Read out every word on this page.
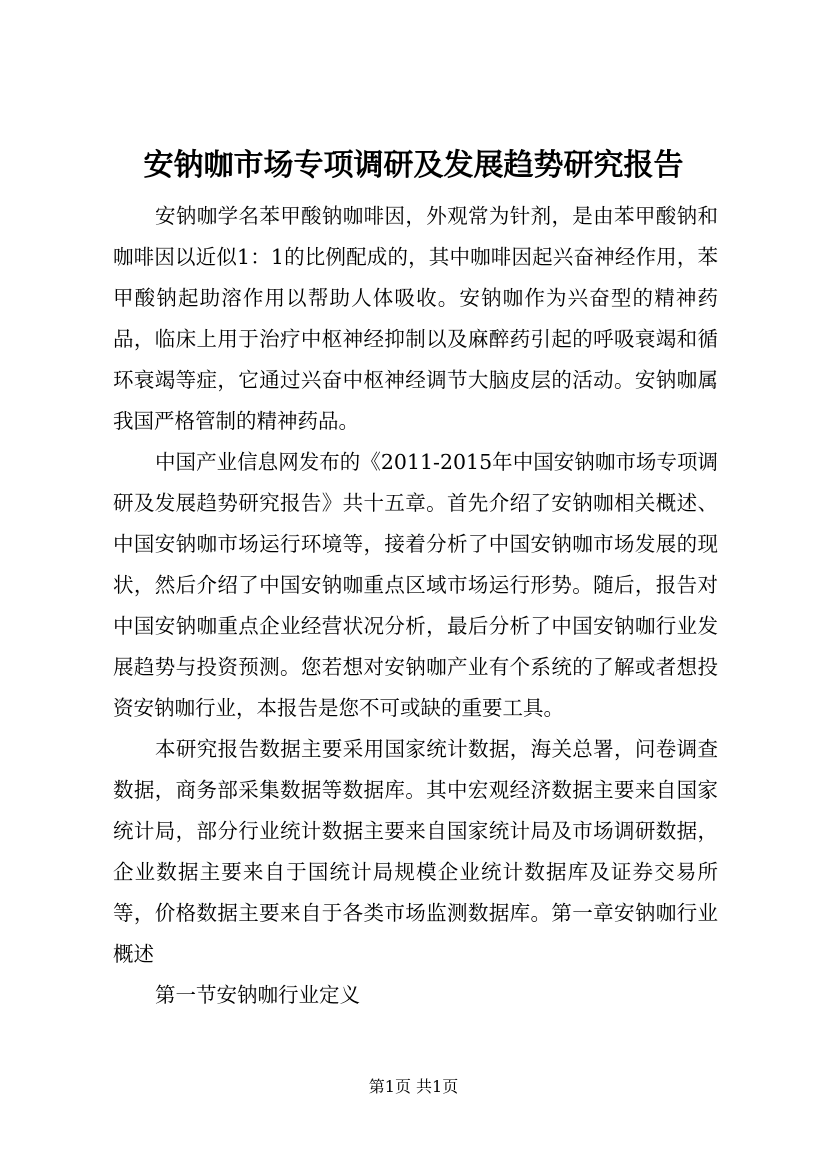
安钠咖市场专项调研及发展趋势研究报告

安钠咖学名苯甲酸钠咖啡因，外观常为针剂，是由苯甲酸钠和咖啡因以近似1：1的比例配成的，其中咖啡因起兴奋神经作用，苯甲酸钠起助溶作用以帮助人体吸收。安钠咖作为兴奋型的精神药品，临床上用于治疗中枢神经抑制以及麻醉药引起的呼吸衰竭和循环衰竭等症，它通过兴奋中枢神经调节大脑皮层的活动。安钠咖属我国严格管制的精神药品。

中国产业信息网发布的《2011-2015年中国安钠咖市场专项调研及发展趋势研究报告》共十五章。首先介绍了安钠咖相关概述、中国安钠咖市场运行环境等，接着分析了中国安钠咖市场发展的现状，然后介绍了中国安钠咖重点区域市场运行形势。随后，报告对中国安钠咖重点企业经营状况分析，最后分析了中国安钠咖行业发展趋势与投资预测。您若想对安钠咖产业有个系统的了解或者想投资安钠咖行业，本报告是您不可或缺的重要工具。

本研究报告数据主要采用国家统计数据，海关总署，问卷调查数据，商务部采集数据等数据库。其中宏观经济数据主要来自国家统计局，部分行业统计数据主要来自国家统计局及市场调研数据，企业数据主要来自于国统计局规模企业统计数据库及证券交易所等，价格数据主要来自于各类市场监测数据库。第一章安钠咖行业概述

第一节安钠咖行业定义

第1页 共1页
